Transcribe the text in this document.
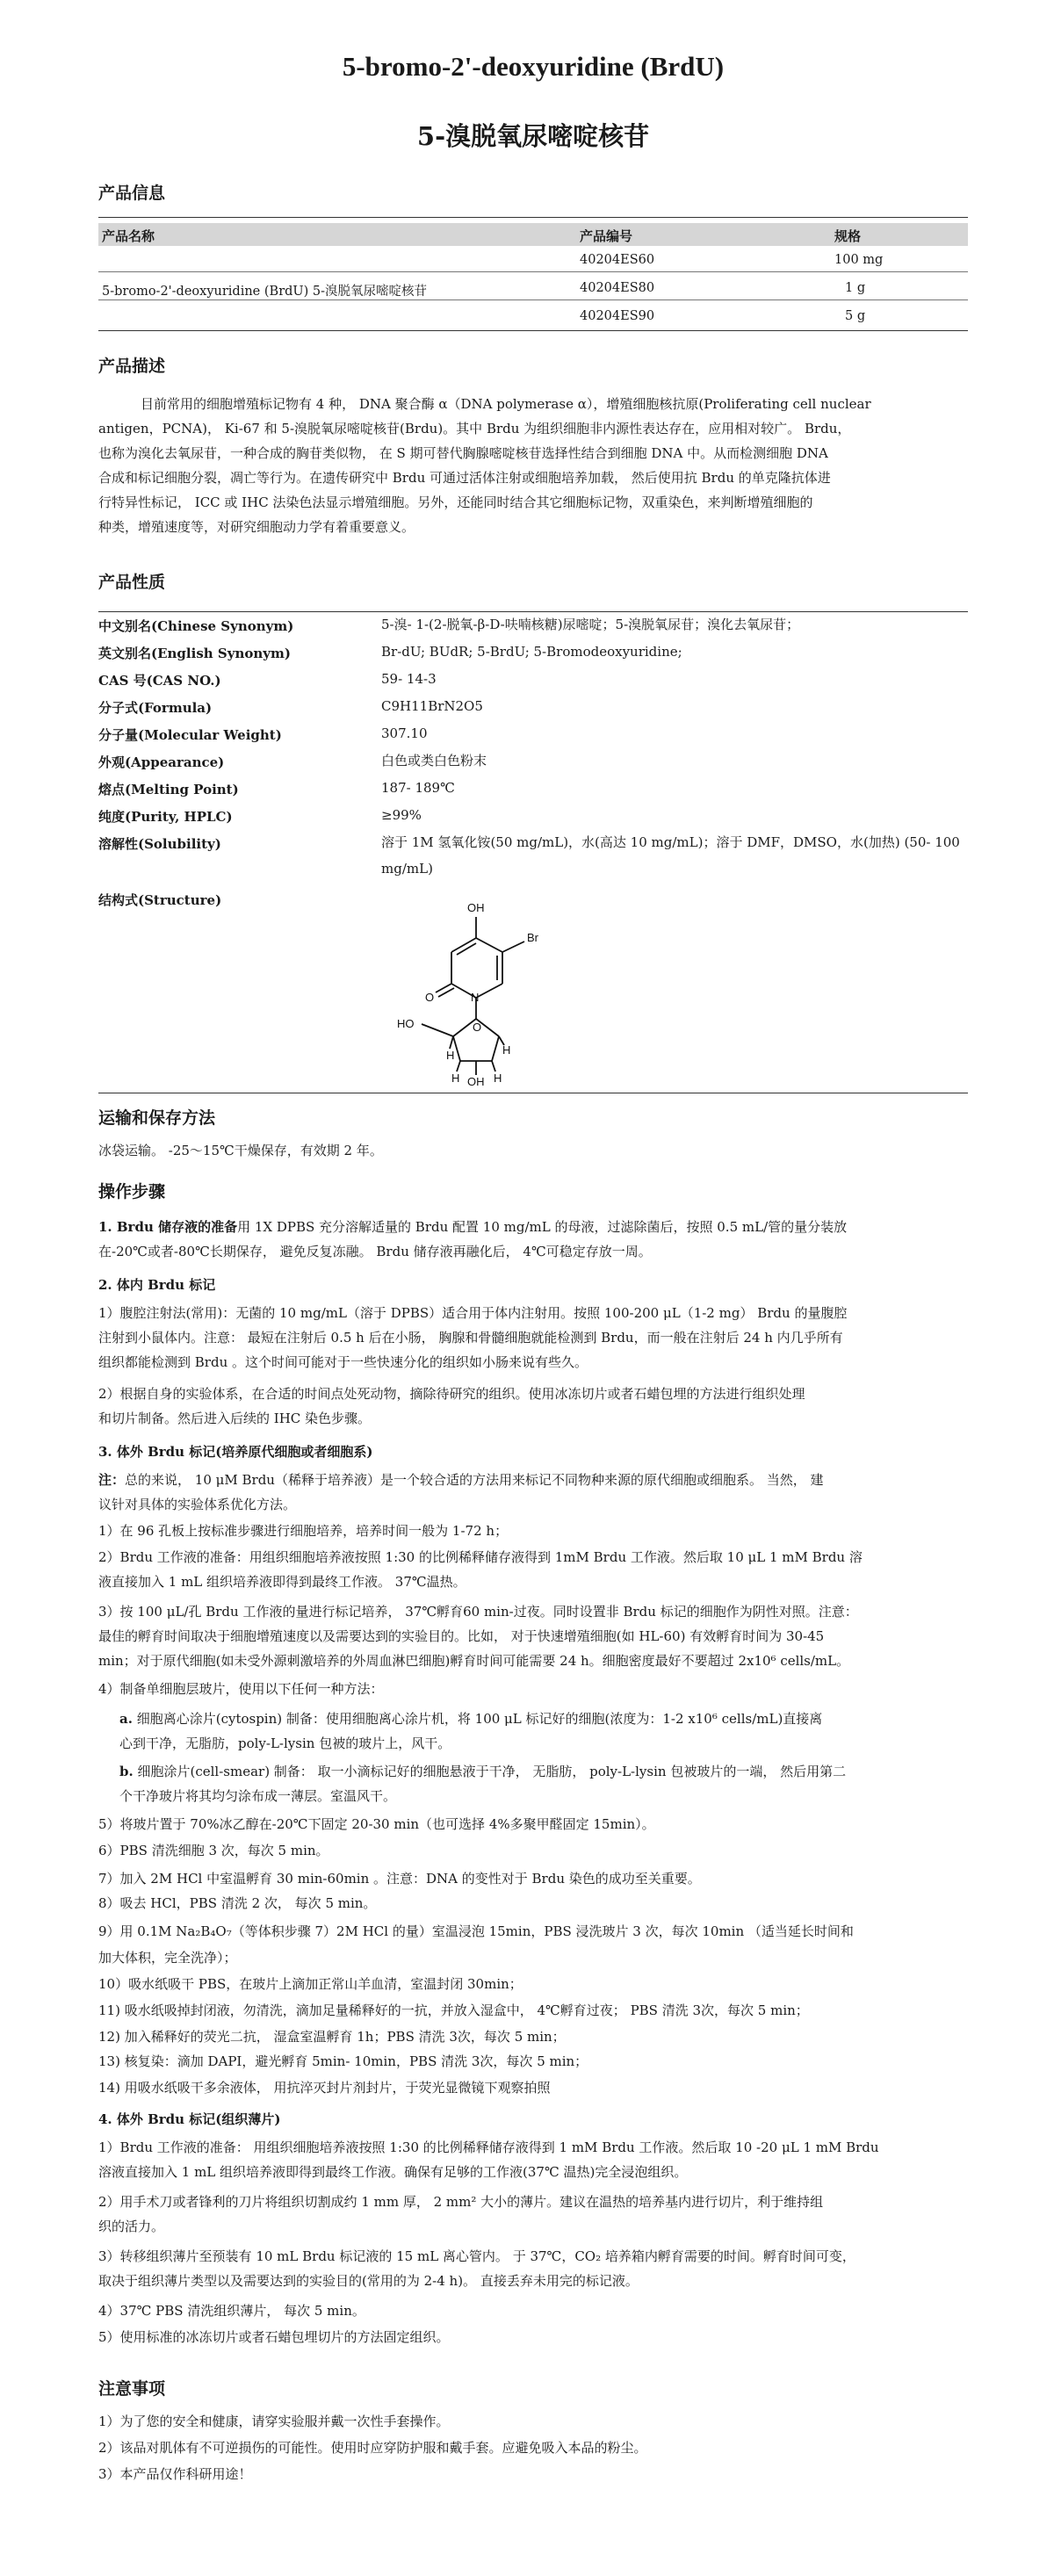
5-bromo-2'-deoxyuridine (BrdU)
5-溴脱氧尿嘧啶核苷
产品信息
产品名称	产品编号	规格
5-bromo-2'-deoxyuridine (BrdU) 5-溴脱氧尿嘧啶核苷
40204ES60	100 mg
40204ES80	1 g
40204ES90	5 g
产品描述
目前常用的细胞增殖标记物有 4 种， DNA 聚合酶 α（DNA polymerase α），增殖细胞核抗原(Proliferating cell nuclear
antigen，PCNA)， Ki-67 和 5-溴脱氧尿嘧啶核苷(Brdu)。其中 Brdu 为组织细胞非内源性表达存在，应用相对较广。 Brdu，
也称为溴化去氧尿苷，一种合成的胸苷类似物， 在 S 期可替代胸腺嘧啶核苷选择性结合到细胞 DNA 中。从而检测细胞 DNA
合成和标记细胞分裂，凋亡等行为。在遗传研究中 Brdu 可通过活体注射或细胞培养加载， 然后使用抗 Brdu 的单克隆抗体进
行特异性标记， ICC 或 IHC 法染色法显示增殖细胞。另外，还能同时结合其它细胞标记物，双重染色，来判断增殖细胞的
种类，增殖速度等，对研究细胞动力学有着重要意义。
产品性质
中文别名(Chinese Synonym)	5-溴- 1-(2-脱氧-β-D-呋喃核糖)尿嘧啶；5-溴脱氧尿苷；溴化去氧尿苷；
英文别名(English Synonym)	Br-dU; BUdR; 5-BrdU; 5-Bromodeoxyuridine;
CAS 号(CAS NO.)	59- 14-3
分子式(Formula)	C9H11BrN2O5
分子量(Molecular Weight)	307.10
外观(Appearance)	白色或类白色粉末
熔点(Melting Point)	187- 189℃
纯度(Purity, HPLC)	≥99%
溶解性(Solubility)	溶于 1M 氢氧化铵(50 mg/mL)，水(高达 10 mg/mL)；溶于 DMF，DMSO，水(加热) (50- 100 mg/mL)
结构式(Structure)	OH
Br
N
O
O
HO
H
H	H
H
OH
运输和保存方法
冰袋运输。 -25～15℃干燥保存，有效期 2 年。
操作步骤
1. Brdu 储存液的准备用 1X DPBS 充分溶解适量的 Brdu 配置 10 mg/mL 的母液，过滤除菌后，按照 0.5 mL/管的量分装放
在-20℃或者-80℃长期保存， 避免反复冻融。 Brdu 储存液再融化后， 4℃可稳定存放一周。
2. 体内 Brdu 标记
1）腹腔注射法(常用)：无菌的 10 mg/mL（溶于 DPBS）适合用于体内注射用。按照 100-200 μL（1-2 mg） Brdu 的量腹腔
注射到小鼠体内。注意： 最短在注射后 0.5 h 后在小肠， 胸腺和骨髓细胞就能检测到 Brdu，而一般在注射后 24 h 内几乎所有
组织都能检测到 Brdu 。这个时间可能对于一些快速分化的组织如小肠来说有些久。
2）根据自身的实验体系，在合适的时间点处死动物，摘除待研究的组织。使用冰冻切片或者石蜡包埋的方法进行组织处理
和切片制备。然后进入后续的 IHC 染色步骤。
3. 体外 Brdu 标记(培养原代细胞或者细胞系)
注：总的来说， 10 μM Brdu（稀释于培养液）是一个较合适的方法用来标记不同物种来源的原代细胞或细胞系。 当然， 建
议针对具体的实验体系优化方法。
1）在 96 孔板上按标准步骤进行细胞培养，培养时间一般为 1-72 h；
2）Brdu 工作液的准备：用组织细胞培养液按照 1:30 的比例稀释储存液得到 1mM Brdu 工作液。然后取 10 μL 1 mM Brdu 溶
液直接加入 1 mL 组织培养液即得到最终工作液。 37℃温热。
3）按 100 μL/孔 Brdu 工作液的量进行标记培养， 37℃孵育60 min-过夜。同时设置非 Brdu 标记的细胞作为阴性对照。注意：
最佳的孵育时间取决于细胞增殖速度以及需要达到的实验目的。比如， 对于快速增殖细胞(如 HL-60) 有效孵育时间为 30-45
min；对于原代细胞(如未受外源刺激培养的外周血淋巴细胞)孵育时间可能需要 24 h。细胞密度最好不要超过 2x10⁶ cells/mL。
4）制备单细胞层玻片，使用以下任何一种方法：
a. 细胞离心涂片(cytospin) 制备：使用细胞离心涂片机，将 100 μL 标记好的细胞(浓度为：1-2 x10⁶ cells/mL)直接离
心到干净，无脂肪，poly-L-lysin 包被的玻片上，风干。
b. 细胞涂片(cell-smear) 制备： 取一小滴标记好的细胞悬液于干净， 无脂肪， poly-L-lysin 包被玻片的一端， 然后用第二
个干净玻片将其均匀涂布成一薄层。室温风干。
5）将玻片置于 70%冰乙醇在-20℃下固定 20-30 min（也可选择 4%多聚甲醛固定 15min）。
6）PBS 清洗细胞 3 次，每次 5 min。
7）加入 2M HCl 中室温孵育 30 min-60min 。注意：DNA 的变性对于 Brdu 染色的成功至关重要。
8）吸去 HCl，PBS 清洗 2 次， 每次 5 min。
9）用 0.1M Na₂B₄O₇（等体积步骤 7）2M HCl 的量）室温浸泡 15min，PBS 浸洗玻片 3 次，每次 10min （适当延长时间和
加大体积，完全洗净）；
10）吸水纸吸干 PBS，在玻片上滴加正常山羊血清，室温封闭 30min；
11) 吸水纸吸掉封闭液，勿清洗，滴加足量稀释好的一抗，并放入湿盒中， 4℃孵育过夜； PBS 清洗 3次，每次 5 min；
12) 加入稀释好的荧光二抗， 湿盒室温孵育 1h；PBS 清洗 3次，每次 5 min；
13) 核复染：滴加 DAPI，避光孵育 5min- 10min，PBS 清洗 3次，每次 5 min；
14) 用吸水纸吸干多余液体， 用抗淬灭封片剂封片，于荧光显微镜下观察拍照
4. 体外 Brdu 标记(组织薄片)
1）Brdu 工作液的准备： 用组织细胞培养液按照 1:30 的比例稀释储存液得到 1 mM Brdu 工作液。然后取 10 -20 μL 1 mM Brdu
溶液直接加入 1 mL 组织培养液即得到最终工作液。确保有足够的工作液(37℃ 温热)完全浸泡组织。
2）用手术刀或者锋利的刀片将组织切割成约 1 mm 厚， 2 mm² 大小的薄片。建议在温热的培养基内进行切片，利于维持组
织的活力。
3）转移组织薄片至预装有 10 mL Brdu 标记液的 15 mL 离心管内。 于 37℃，CO₂ 培养箱内孵育需要的时间。孵育时间可变，
取决于组织薄片类型以及需要达到的实验目的(常用的为 2-4 h)。 直接丢弃未用完的标记液。
4）37℃ PBS 清洗组织薄片， 每次 5 min。
5）使用标准的冰冻切片或者石蜡包埋切片的方法固定组织。
注意事项
1）为了您的安全和健康，请穿实验服并戴一次性手套操作。
2）该品对肌体有不可逆损伤的可能性。使用时应穿防护服和戴手套。应避免吸入本品的粉尘。
3）本产品仅作科研用途！
